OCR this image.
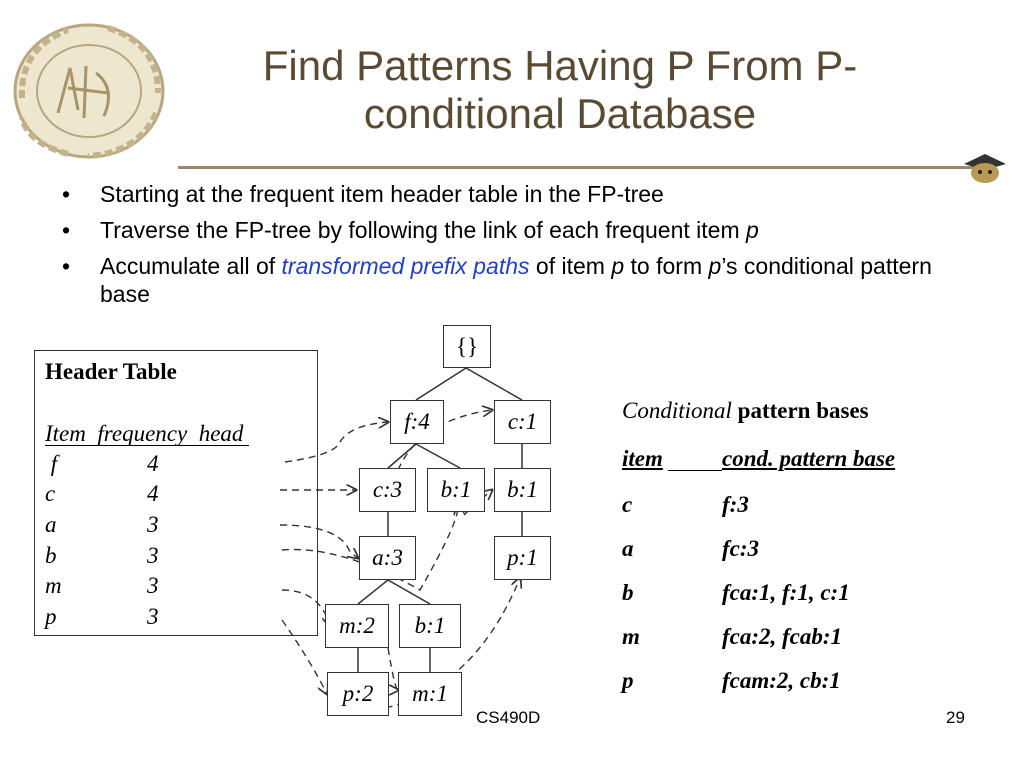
Find Patterns Having P From P-
conditional Database
• Starting at the frequent item header table in the FP-tree
• Traverse the FP-tree by following the link of each frequent item p
• Accumulate all of transformed prefix paths of item p to form p’s conditional pattern base
Header Table
Item  frequency  head
f	4
c	4
a	3
b	3
m	3
p	3
{}
f:4	c:1
c:3	b:1	b:1
a:3	p:1
m:2	b:1
p:2	m:1
Conditional pattern bases
item	cond. pattern base
c	f:3
a	fc:3
b	fca:1, f:1, c:1
m	fca:2, fcab:1
p	fcam:2, cb:1
CS490D	29
